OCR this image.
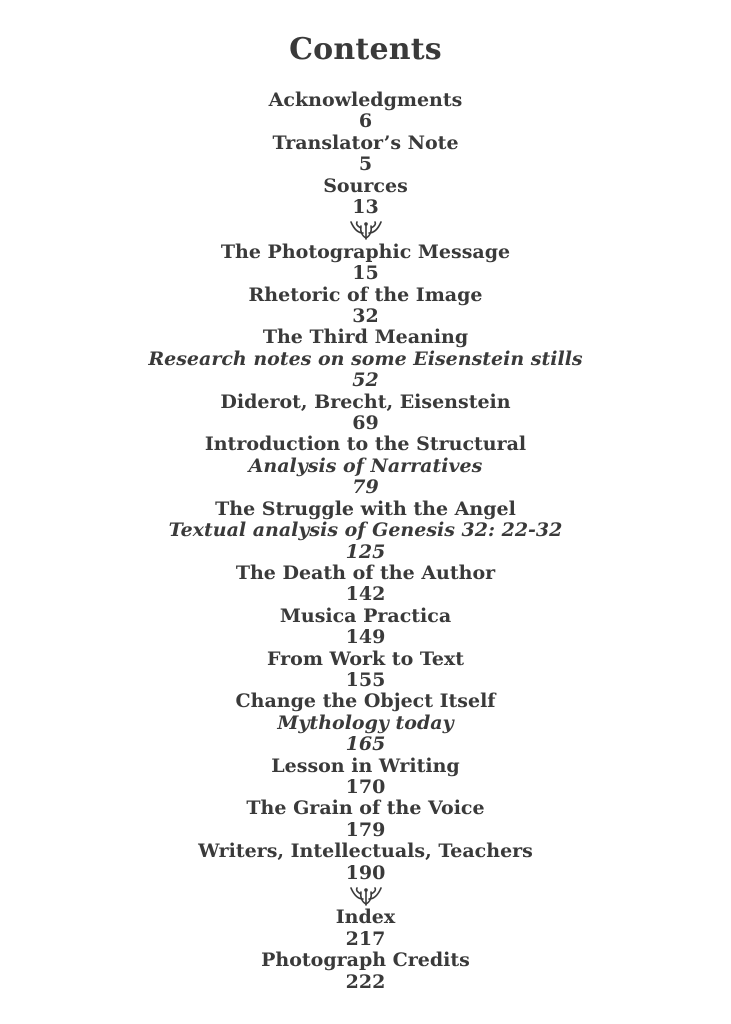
Contents
Acknowledgments
6
Translator’s Note
5
Sources
13
The Photographic Message
15
Rhetoric of the Image
32
The Third Meaning
Research notes on some Eisenstein stills
52
Diderot, Brecht, Eisenstein
69
Introduction to the Structural
Analysis of Narratives
79
The Struggle with the Angel
Textual analysis of Genesis 32: 22-32
125
The Death of the Author
142
Musica Practica
149
From Work to Text
155
Change the Object Itself
Mythology today
165
Lesson in Writing
170
The Grain of the Voice
179
Writers, Intellectuals, Teachers
190
Index
217
Photograph Credits
222
